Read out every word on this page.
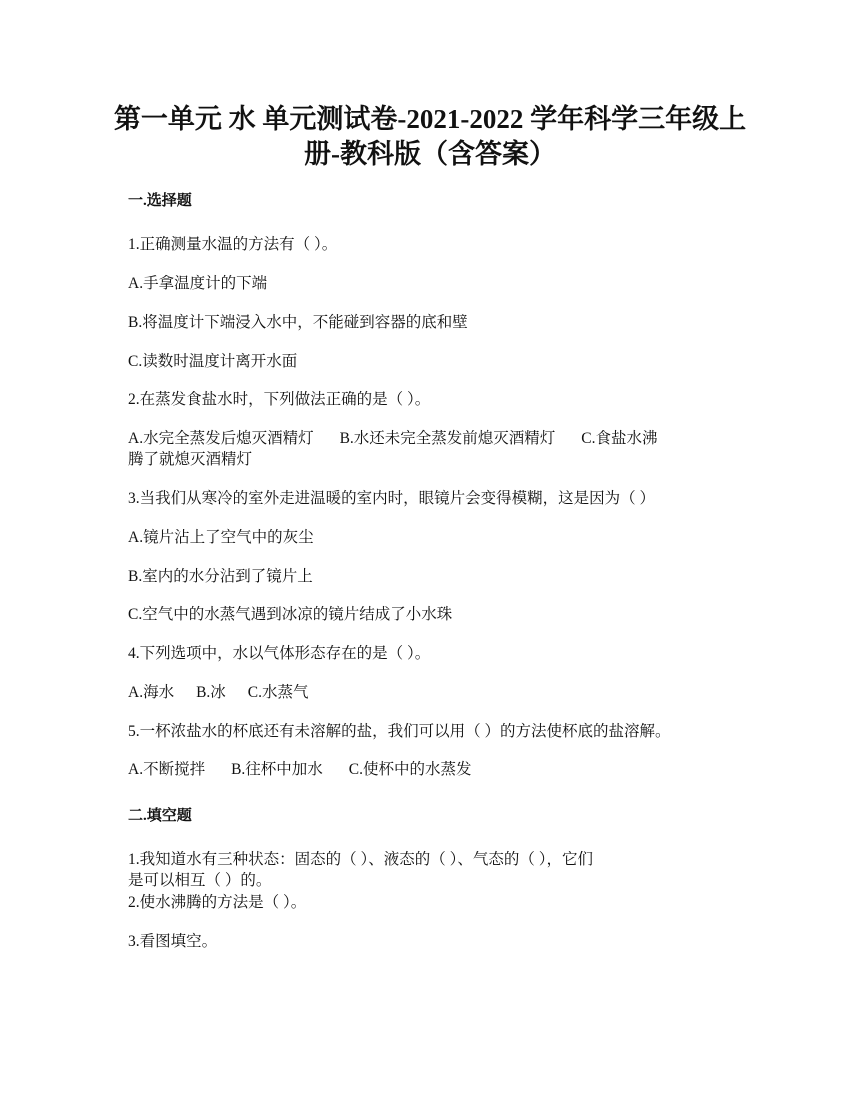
第一单元 水 单元测试卷-2021-2022 学年科学三年级上
册-教科版（含答案）
一.选择题
1.正确测量水温的方法有（ ）。
A.手拿温度计的下端
B.将温度计下端浸入水中，不能碰到容器的底和壁
C.读数时温度计离开水面
2.在蒸发食盐水时，下列做法正确的是（ ）。
A.水完全蒸发后熄灭酒精灯 B.水还未完全蒸发前熄灭酒精灯 C.食盐水沸
腾了就熄灭酒精灯
3.当我们从寒冷的室外走进温暖的室内时，眼镜片会变得模糊，这是因为（ ）
A.镜片沾上了空气中的灰尘
B.室内的水分沾到了镜片上
C.空气中的水蒸气遇到冰凉的镜片结成了小水珠
4.下列选项中，水以气体形态存在的是（ ）。
A.海水 B.冰 C.水蒸气
5.一杯浓盐水的杯底还有未溶解的盐，我们可以用（ ）的方法使杯底的盐溶解。
A.不断搅拌 B.往杯中加水 C.使杯中的水蒸发
二.填空题
1.我知道水有三种状态：固态的（ ）、液态的（ ）、气态的（ ），它们
是可以相互（ ）的。
2.使水沸腾的方法是（ ）。
3.看图填空。
